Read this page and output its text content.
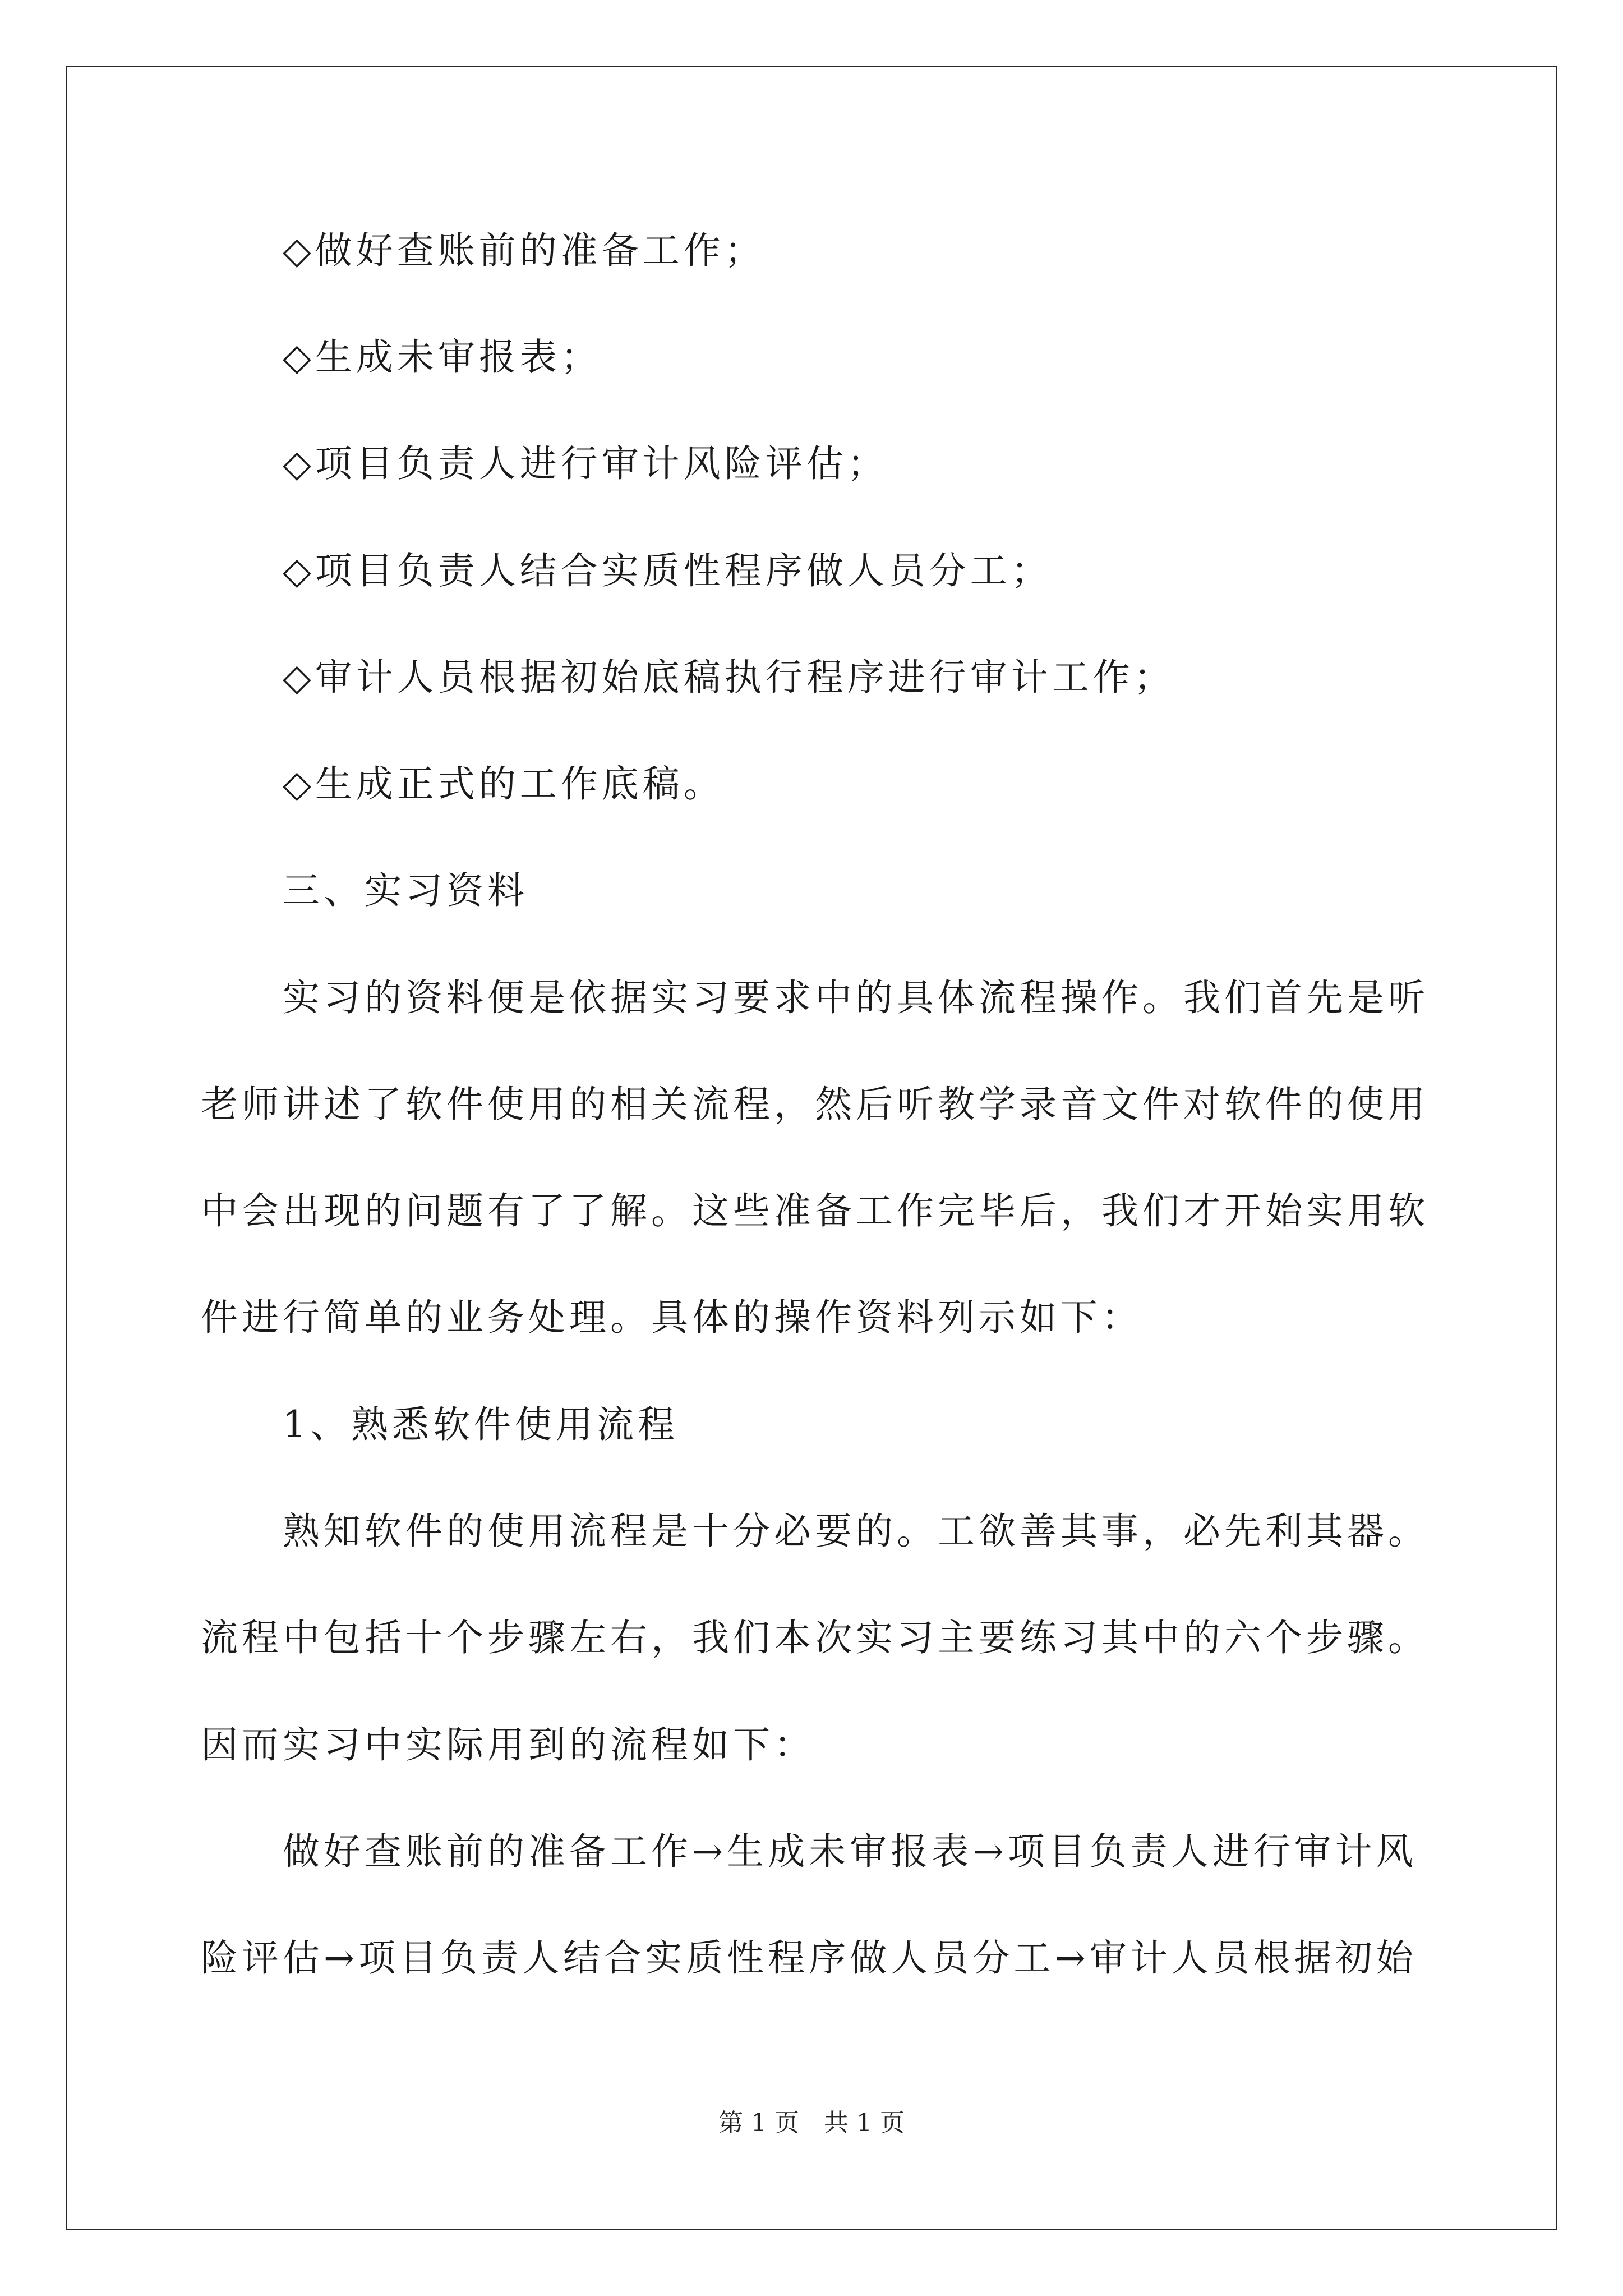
◇做好查账前的准备工作；
◇生成未审报表；
◇项目负责人进行审计风险评估；
◇项目负责人结合实质性程序做人员分工；
◇审计人员根据初始底稿执行程序进行审计工作；
◇生成正式的工作底稿。
三、实习资料
实习的资料便是依据实习要求中的具体流程操作。我们首先是听
老师讲述了软件使用的相关流程，然后听教学录音文件对软件的使用
中会出现的问题有了了解。这些准备工作完毕后，我们才开始实用软
件进行简单的业务处理。具体的操作资料列示如下：
1、熟悉软件使用流程
熟知软件的使用流程是十分必要的。工欲善其事，必先利其器。
流程中包括十个步骤左右，我们本次实习主要练习其中的六个步骤。
因而实习中实际用到的流程如下：
做好查账前的准备工作→生成未审报表→项目负责人进行审计风
险评估→项目负责人结合实质性程序做人员分工→审计人员根据初始
第 1 页　共 1 页
